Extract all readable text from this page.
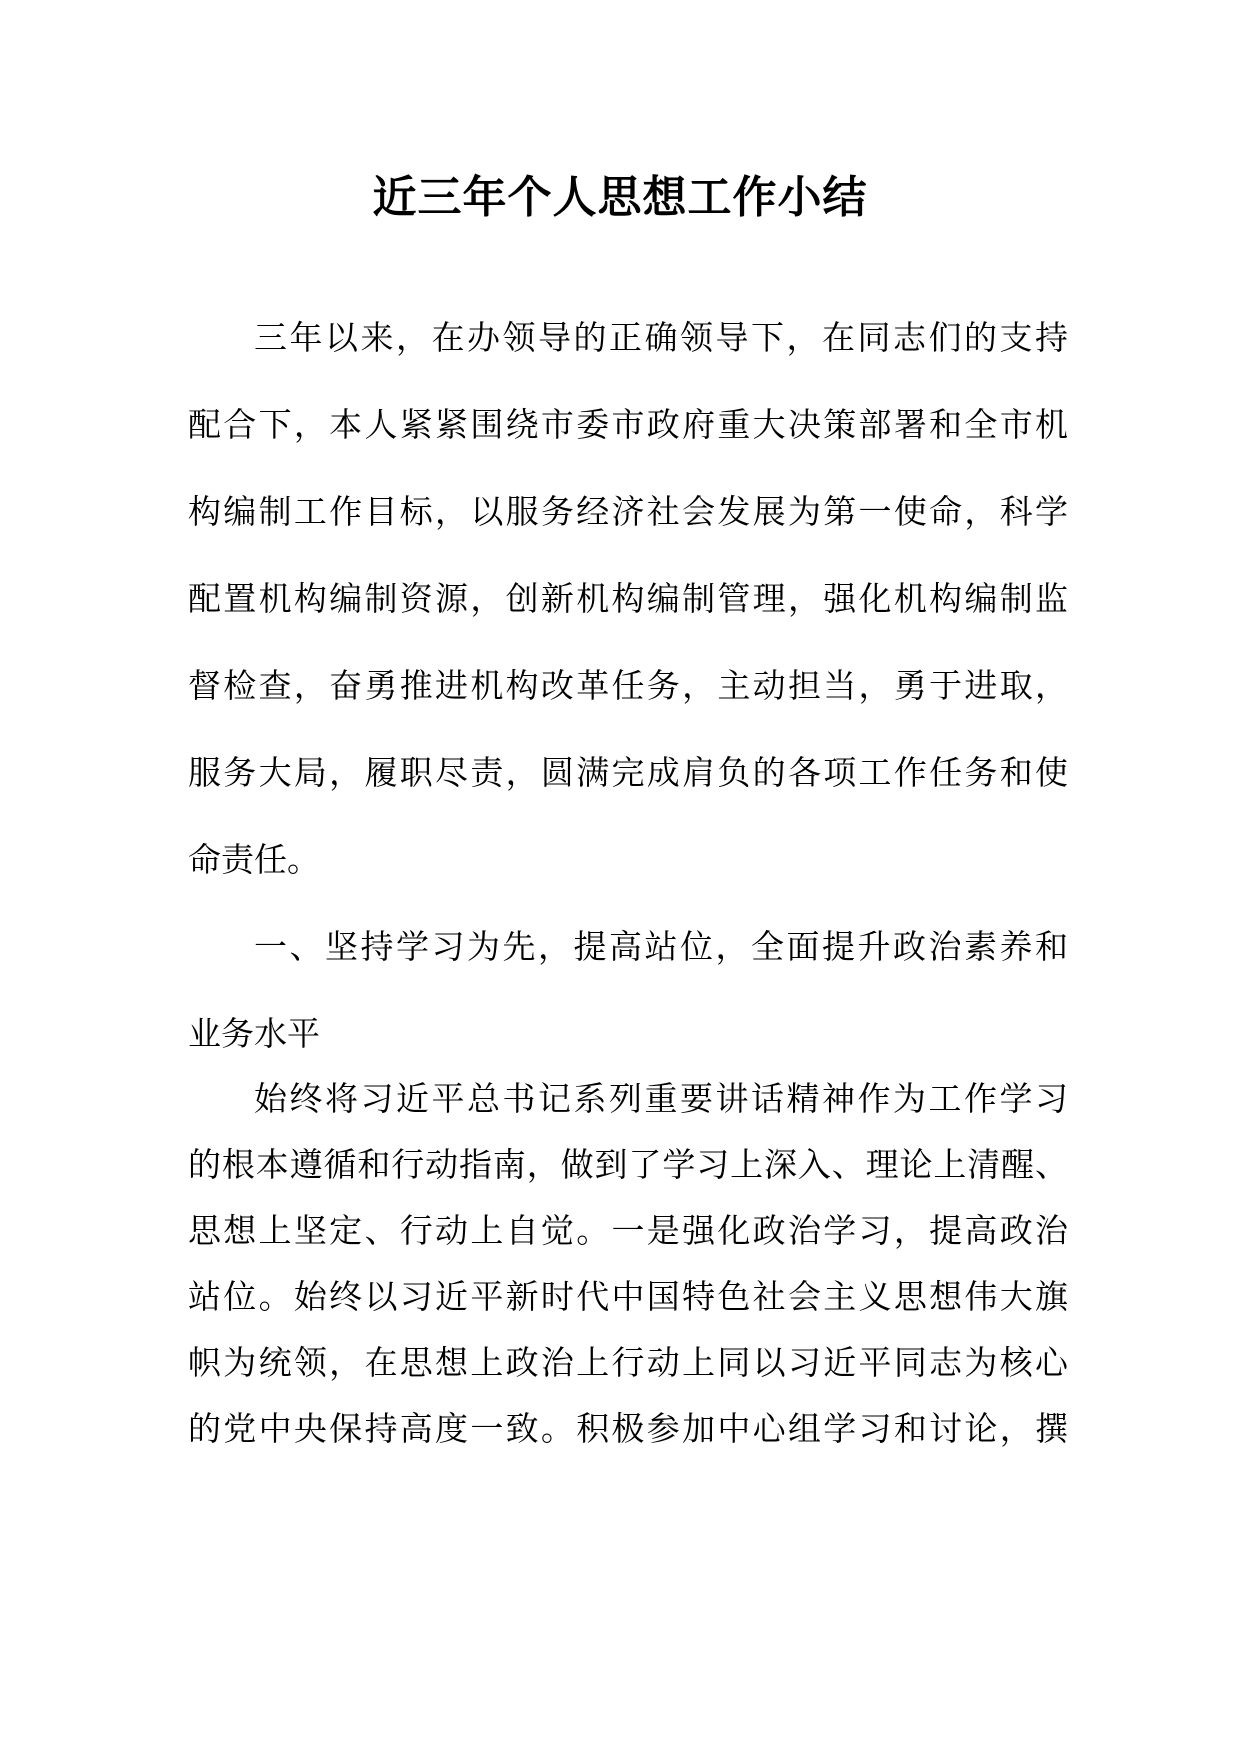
近三年个人思想工作小结
三年以来，在办领导的正确领导下，在同志们的支持
配合下，本人紧紧围绕市委市政府重大决策部署和全市机
构编制工作目标，以服务经济社会发展为第一使命，科学
配置机构编制资源，创新机构编制管理，强化机构编制监
督检查，奋勇推进机构改革任务，主动担当，勇于进取，
服务大局，履职尽责，圆满完成肩负的各项工作任务和使
命责任。
一、坚持学习为先，提高站位，全面提升政治素养和
业务水平
始终将习近平总书记系列重要讲话精神作为工作学习
的根本遵循和行动指南，做到了学习上深入、理论上清醒、
思想上坚定、行动上自觉。一是强化政治学习，提高政治
站位。始终以习近平新时代中国特色社会主义思想伟大旗
帜为统领，在思想上政治上行动上同以习近平同志为核心
的党中央保持高度一致。积极参加中心组学习和讨论，撰
